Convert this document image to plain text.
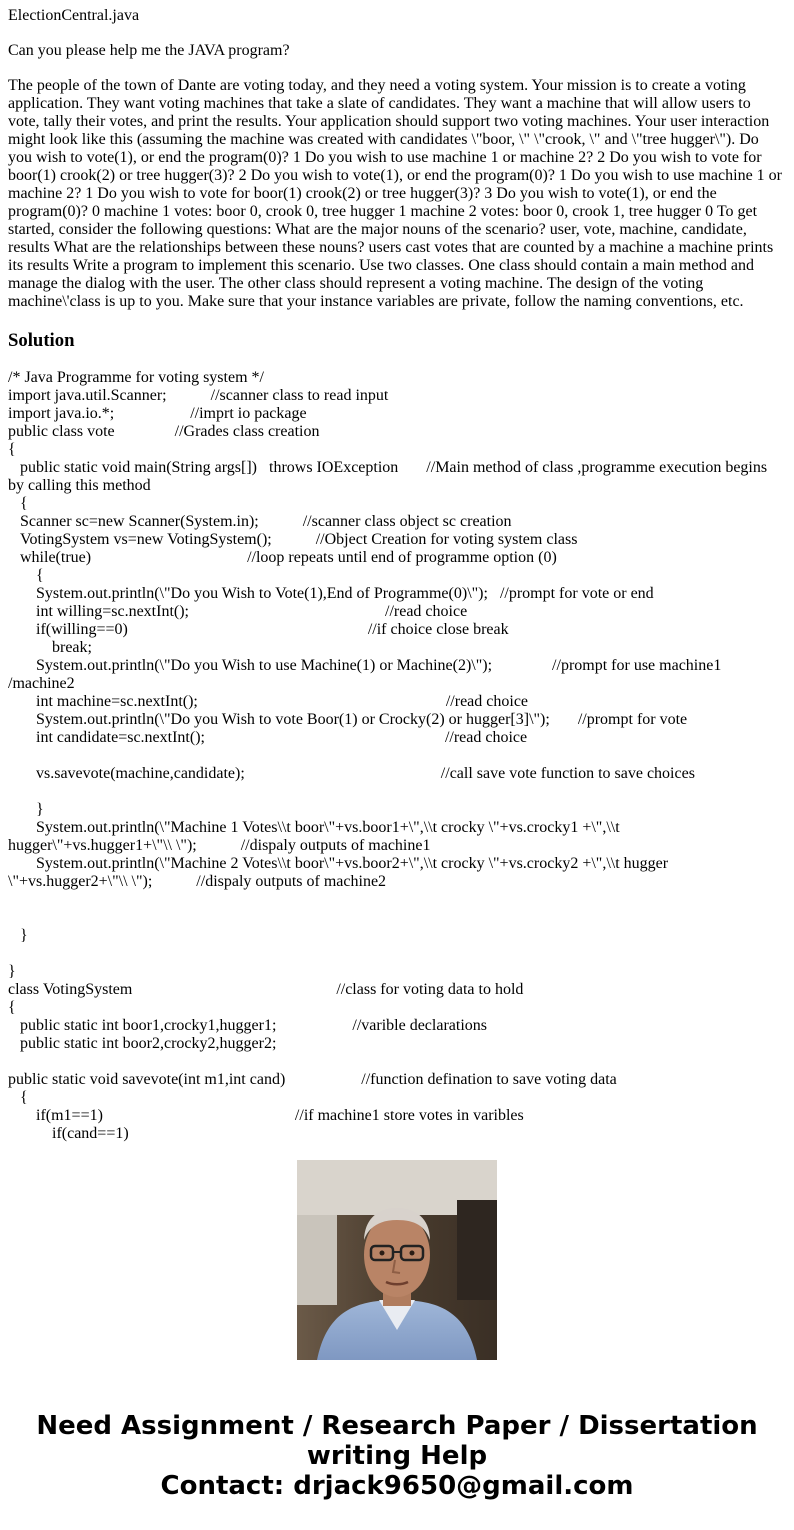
ElectionCentral.java
Can you please help me the JAVA program?
The people of the town of Dante are voting today, and they need a voting system. Your mission is to create a voting application. They want voting machines that take a slate of candidates. They want a machine that will allow users to vote, tally their votes, and print the results. Your application should support two voting machines. Your user interaction might look like this (assuming the machine was created with candidates \"boor, \" \"crook, \" and \"tree hugger\"). Do you wish to vote(1), or end the program(0)? 1 Do you wish to use machine 1 or machine 2? 2 Do you wish to vote for boor(1) crook(2) or tree hugger(3)? 2 Do you wish to vote(1), or end the program(0)? 1 Do you wish to use machine 1 or machine 2? 1 Do you wish to vote for boor(1) crook(2) or tree hugger(3)? 3 Do you wish to vote(1), or end the program(0)? 0 machine 1 votes: boor 0, crook 0, tree hugger 1 machine 2 votes: boor 0, crook 1, tree hugger 0 To get started, consider the following questions: What are the major nouns of the scenario? user, vote, machine, candidate, results What are the relationships between these nouns? users cast votes that are counted by a machine a machine prints its results Write a program to implement this scenario. Use two classes. One class should contain a main method and manage the dialog with the user. The other class should represent a voting machine. The design of the voting machine\'class is up to you. Make sure that your instance variables are private, follow the naming conventions, etc.
Solution
/* Java Programme for voting system */
import java.util.Scanner;           //scanner class to read input
import java.io.*;                   //imprt io package
public class vote               //Grades class creation
{
public static void main(String args[])   throws IOException       //Main method of class ,programme execution begins by calling this method
{
Scanner sc=new Scanner(System.in);           //scanner class object sc creation
VotingSystem vs=new VotingSystem();           //Object Creation for voting system class
while(true)                                       //loop repeats until end of programme option (0)
{
System.out.println(\"Do you Wish to Vote(1),End of Programme(0)\");   //prompt for vote or end
int willing=sc.nextInt();                                                 //read choice
if(willing==0)                                                            //if choice close break
break;
System.out.println(\"Do you Wish to use Machine(1) or Machine(2)\");               //prompt for use machine1 /machine2
int machine=sc.nextInt();                                                              //read choice
System.out.println(\"Do you Wish to vote Boor(1) or Crocky(2) or hugger[3]\");       //prompt for vote
int candidate=sc.nextInt();                                                            //read choice
vs.savevote(machine,candidate);                                                 //call save vote function to save choices
}
System.out.println(\"Machine 1 Votes\\t boor\"+vs.boor1+\",\\t crocky \"+vs.crocky1 +\",\\t hugger\"+vs.hugger1+\"\\ \");           //dispaly outputs of machine1
System.out.println(\"Machine 2 Votes\\t boor\"+vs.boor2+\",\\t crocky \"+vs.crocky2 +\",\\t hugger \"+vs.hugger2+\"\\ \");           //dispaly outputs of machine2
}
}
class VotingSystem                                                   //class for voting data to hold
{
public static int boor1,crocky1,hugger1;                   //varible declarations
public static int boor2,crocky2,hugger2;
public static void savevote(int m1,int cand)                   //function defination to save voting data
{
if(m1==1)                                                //if machine1 store votes in varibles
if(cand==1)
Need Assignment / Research Paper / Dissertation writing Help
Contact: drjack9650@gmail.com
